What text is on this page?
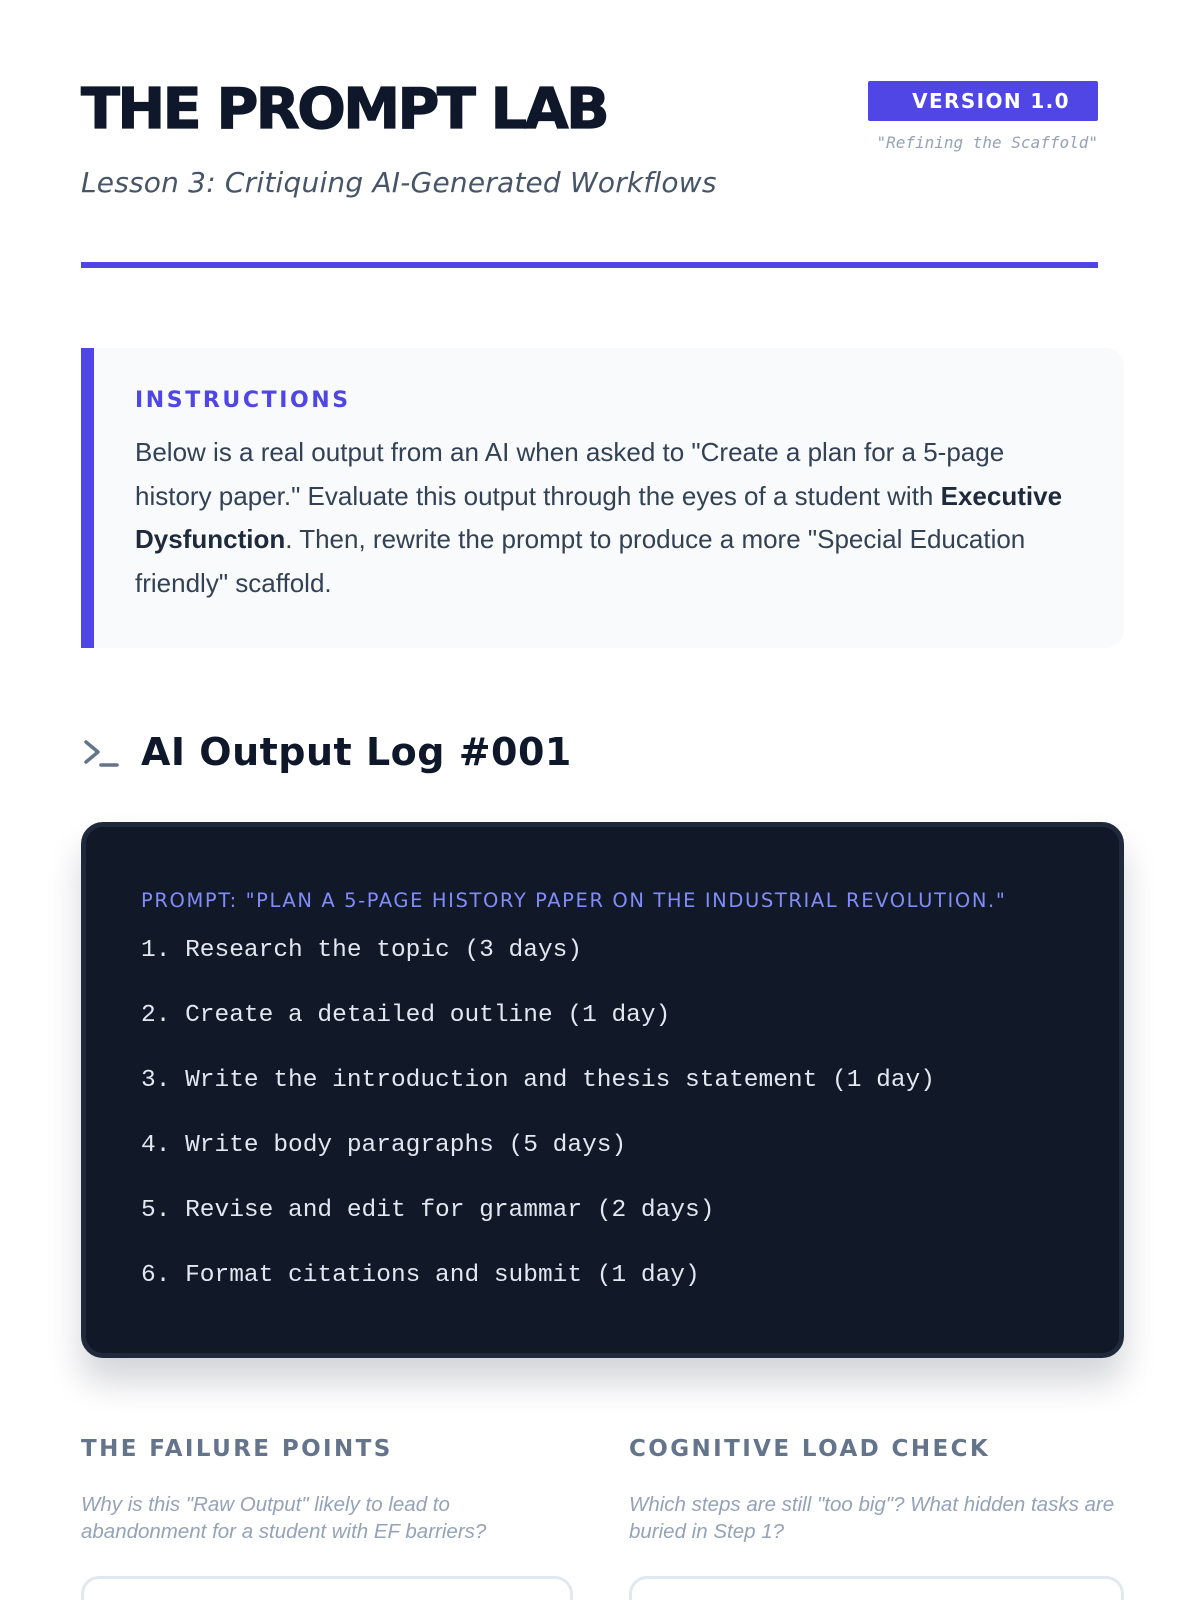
THE PROMPT LAB
Lesson 3: Critiquing AI-Generated Workflows
VERSION 1.0
"Refining the Scaffold"
INSTRUCTIONS

Below is a real output from an AI when asked to "Create a plan for a 5-page history paper." Evaluate this output through the eyes of a student with Executive Dysfunction. Then, rewrite the prompt to produce a more "Special Education friendly" scaffold.

AI Output Log #001
PROMPT: "PLAN A 5-PAGE HISTORY PAPER ON THE INDUSTRIAL REVOLUTION."
1. Research the topic (3 days)
2. Create a detailed outline (1 day)
3. Write the introduction and thesis statement (1 day)
4. Write body paragraphs (5 days)
5. Revise and edit for grammar (2 days)
6. Format citations and submit (1 day)
THE FAILURE POINTS

Why is this "Raw Output" likely to lead to abandonment for a student with EF barriers?

COGNITIVE LOAD CHECK

Which steps are still "too big"? What hidden tasks are buried in Step 1?
